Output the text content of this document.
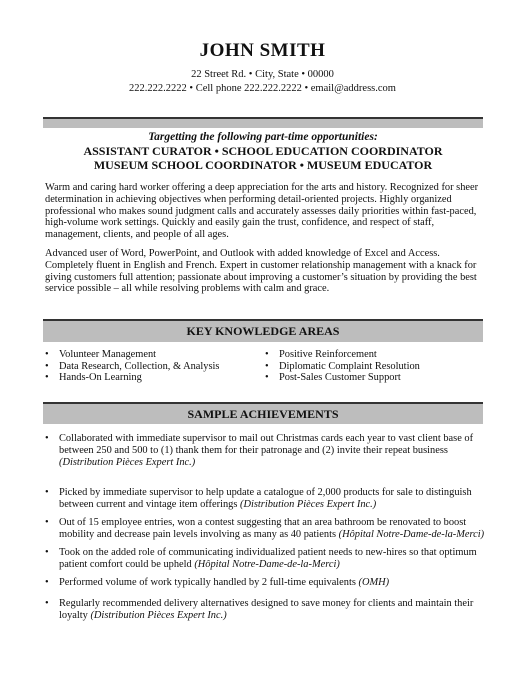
JOHN SMITH
22 Street Rd. • City, State • 00000
222.222.2222 • Cell phone 222.222.2222 • email@address.com
Targetting the following part-time opportunities:
ASSISTANT CURATOR • SCHOOL EDUCATION COORDINATOR
MUSEUM SCHOOL COORDINATOR • MUSEUM EDUCATOR

Warm and caring hard worker offering a deep appreciation for the arts and history. Recognized for sheer determination in achieving objectives when performing detail-oriented projects. Highly organized professional who makes sound judgment calls and accurately assesses daily priorities within fast-paced, high-volume work settings. Quickly and easily gain the trust, confidence, and respect of staff, management, clients, and people of all ages.

Advanced user of Word, PowerPoint, and Outlook with added knowledge of Excel and Access. Completely fluent in English and French. Expert in customer relationship management with a knack for giving customers full attention; passionate about improving a customer’s situation by providing the best service possible – all while resolving problems with calm and grace.

KEY KNOWLEDGE AREAS
• Volunteer Management
• Data Research, Collection, & Analysis
• Hands-On Learning
• Positive Reinforcement
• Diplomatic Complaint Resolution
• Post-Sales Customer Support
SAMPLE ACHIEVEMENTS
• Collaborated with immediate supervisor to mail out Christmas cards each year to vast client base of between 250 and 500 to (1) thank them for their patronage and (2) invite their repeat business (Distribution Pièces Expert Inc.)
• Picked by immediate supervisor to help update a catalogue of 2,000 products for sale to distinguish between current and vintage item offerings (Distribution Pièces Expert Inc.)
• Out of 15 employee entries, won a contest suggesting that an area bathroom be renovated to boost mobility and decrease pain levels involving as many as 40 patients (Hôpital Notre-Dame-de-la-Merci)
• Took on the added role of communicating individualized patient needs to new-hires so that optimum patient comfort could be upheld (Hôpital Notre-Dame-de-la-Merci)
• Performed volume of work typically handled by 2 full-time equivalents (OMH)
• Regularly recommended delivery alternatives designed to save money for clients and maintain their loyalty (Distribution Pièces Expert Inc.)
